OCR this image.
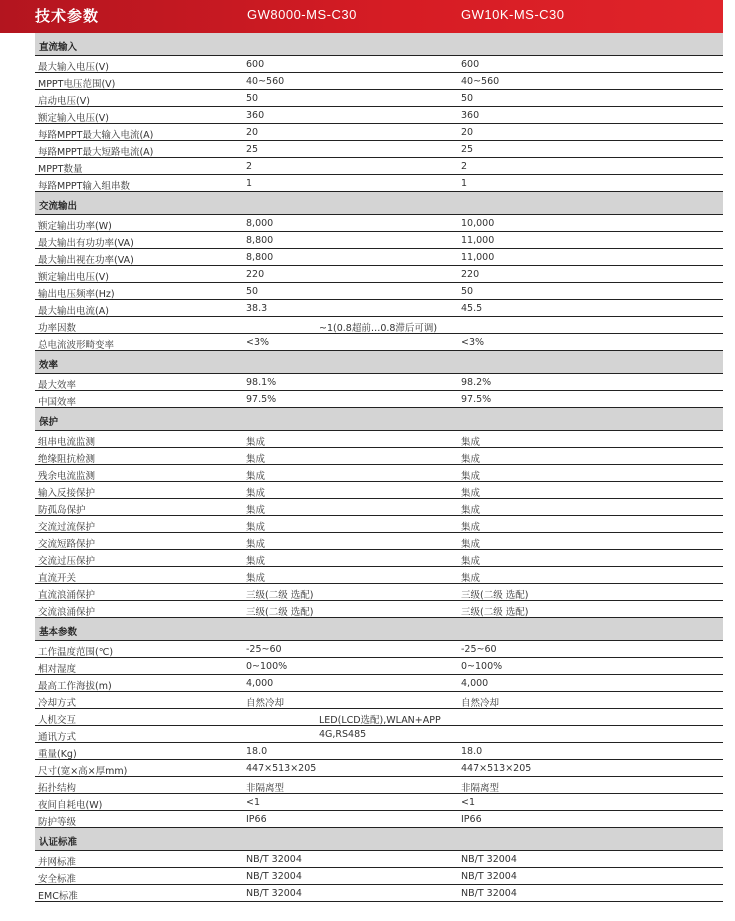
技术参数	GW8000-MS-C30	GW10K-MS-C30
直流输入
最大输入电压(V)	600	600
MPPT电压范围(V)	40~560	40~560
启动电压(V)	50	50
额定输入电压(V)	360	360
每路MPPT最大输入电流(A)	20	20
每路MPPT最大短路电流(A)	25	25
MPPT数量	2	2
每路MPPT输入组串数	1	1
交流输出
额定输出功率(W)	8,000	10,000
最大输出有功功率(VA)	8,800	11,000
最大输出视在功率(VA)	8,800	11,000
额定输出电压(V)	220	220
输出电压频率(Hz)	50	50
最大输出电流(A)	38.3	45.5
功率因数	~1(0.8超前…0.8滞后可调)
总电流波形畸变率	<3%	<3%
效率
最大效率	98.1%	98.2%
中国效率	97.5%	97.5%
保护
组串电流监测	集成	集成
绝缘阻抗检测	集成	集成
残余电流监测	集成	集成
输入反接保护	集成	集成
防孤岛保护	集成	集成
交流过流保护	集成	集成
交流短路保护	集成	集成
交流过压保护	集成	集成
直流开关	集成	集成
直流浪涌保护	三级(二级 选配)	三级(二级 选配)
交流浪涌保护	三级(二级 选配)	三级(二级 选配)
基本参数
工作温度范围(℃)	-25~60	-25~60
相对湿度	0~100%	0~100%
最高工作海拔(m)	4,000	4,000
冷却方式	自然冷却	自然冷却
人机交互	LED(LCD选配),WLAN+APP
通讯方式	4G,RS485
重量(Kg)	18.0	18.0
尺寸(宽×高×厚mm)	447×513×205	447×513×205
拓扑结构	非隔离型	非隔离型
夜间自耗电(W)	<1	<1
防护等级	IP66	IP66
认证标准
并网标准	NB/T 32004	NB/T 32004
安全标准	NB/T 32004	NB/T 32004
EMC标准	NB/T 32004	NB/T 32004
